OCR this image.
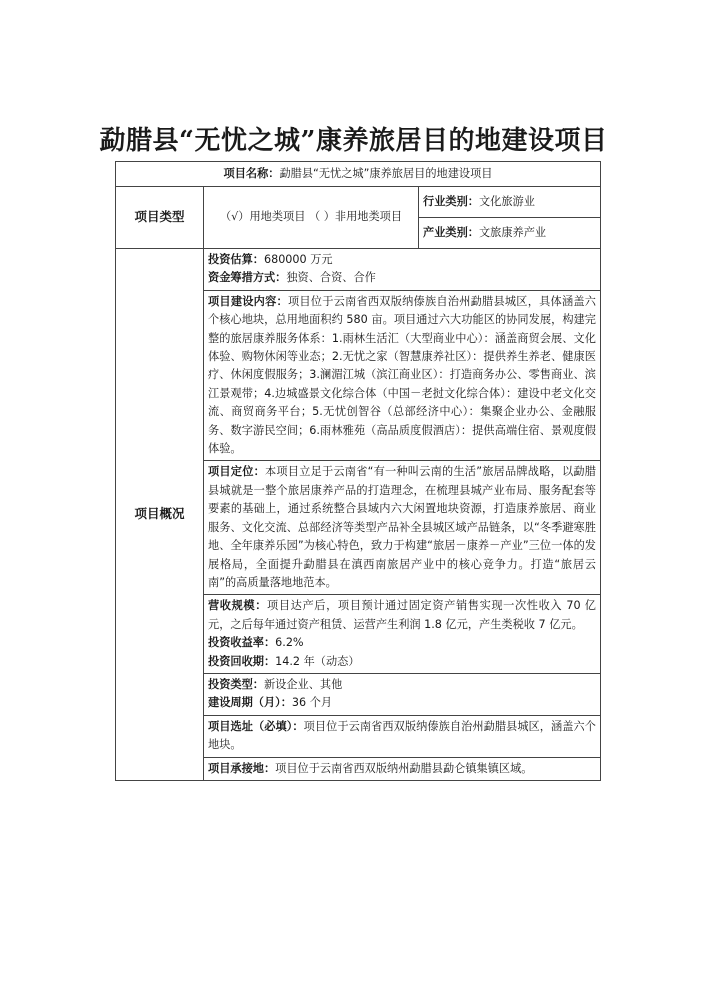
勐腊县“无忧之城”康养旅居目的地建设项目
项目名称：勐腊县“无忧之城”康养旅居目的地建设项目		
项目类型	（√）用地类项目 （ ）非用地类项目	行业类别：文化旅游业
		产业类别：文旅康养产业
项目概况	投资估算：680000 万元

资金筹措方式：独资、合资、合作	

	项目建设内容：项目位于云南省西双版纳傣族自治州勐腊县城区，具体涵盖六个核心地块，总用地面积约 580 亩。项目通过六大功能区的协同发展，构建完整的旅居康养服务体系：1.雨林生活汇（大型商业中心）：涵盖商贸会展、文化体验、购物休闲等业态；2.无忧之家（智慧康养社区）：提供养生养老、健康医疗、休闲度假服务；3.澜湄江城（滨江商业区）：打造商务办公、零售商业、滨江景观带；4.边城盛景文化综合体（中国－老挝文化综合体）：建设中老文化交流、商贸商务平台；5.无忧创智谷（总部经济中心）：集聚企业办公、金融服务、数字游民空间；6.雨林雅苑（高品质度假酒店）：提供高端住宿、景观度假体验。	
	项目定位：本项目立足于云南省“有一种叫云南的生活”旅居品牌战略，以勐腊县城就是一整个旅居康养产品的打造理念，在梳理县城产业布局、服务配套等要素的基础上，通过系统整合县域内六大闲置地块资源，打造康养旅居、商业服务、文化交流、总部经济等类型产品补全县城区域产品链条，以“冬季避寒胜地、全年康养乐园”为核心特色，致力于构建“旅居－康养－产业”三位一体的发展格局，全面提升勐腊县在滇西南旅居产业中的核心竞争力。打造“旅居云南”的高质量落地地范本。	

	营收规模：项目达产后，项目预计通过固定资产销售实现一次性收入 70 亿元，之后每年通过资产租赁、运营产生利润 1.8 亿元，产生类税收 7 亿元。

投资收益率：6.2%

投资回收期：14.2 年（动态）	

	投资类型：新设企业、其他

建设周期（月）：36 个月	

	项目选址（必填）：项目位于云南省西双版纳傣族自治州勐腊县城区，涵盖六个地块。	
	项目承接地：项目位于云南省西双版纳州勐腊县勐仑镇集镇区域。	
